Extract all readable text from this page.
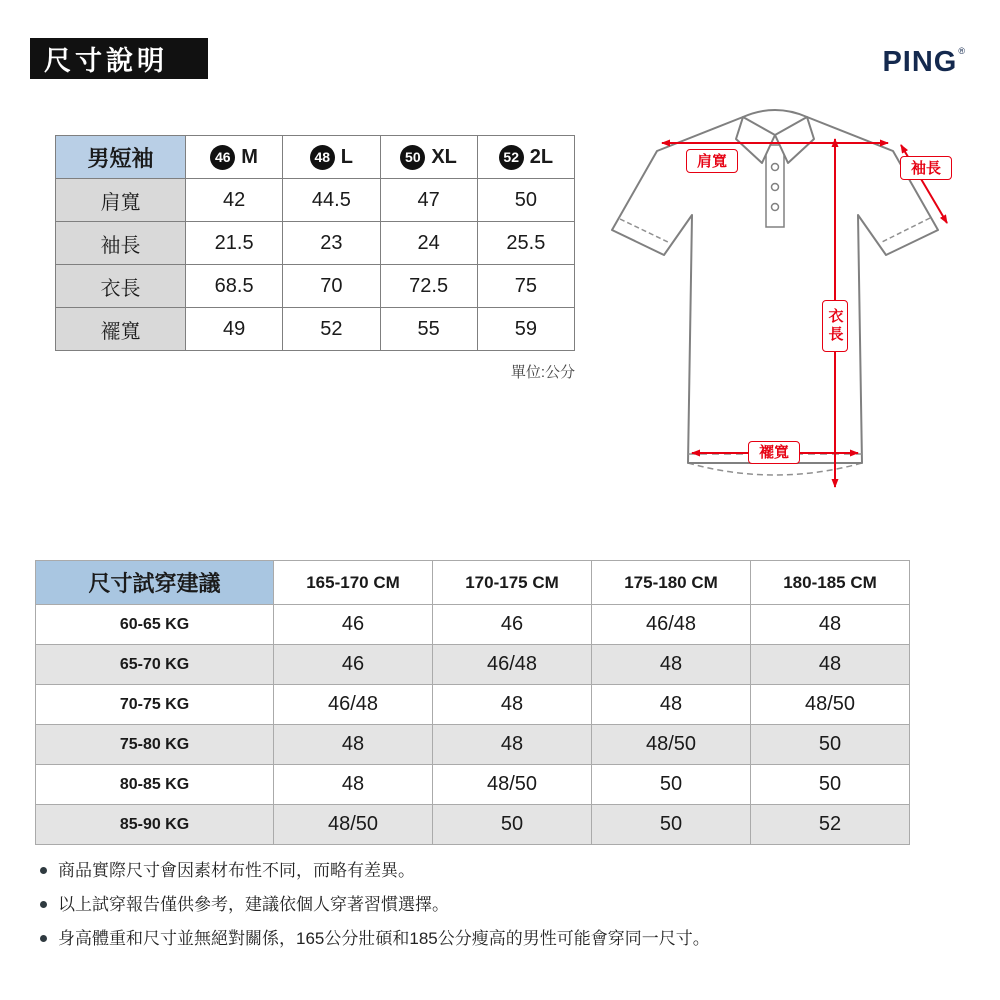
尺寸說明	PING®
男短袖	46 M	48 L	50 XL	52 2L
肩寬	42	44.5	47	50
袖長	21.5	23	24	25.5
衣長	68.5	70	72.5	75
襬寬	49	52	55	59
單位:公分
肩寬	袖長
衣長
襬寬
尺寸試穿建議	165-170 CM	170-175 CM	175-180 CM	180-185 CM
60-65 KG	46	46	46/48	48
65-70 KG	46	46/48	48	48
70-75 KG	46/48	48	48	48/50
75-80 KG	48	48	48/50	50
80-85 KG	48	48/50	50	50
85-90 KG	48/50	50	50	52
商品實際尺寸會因素材布性不同，而略有差異。
以上試穿報告僅供參考，建議依個人穿著習慣選擇。
身高體重和尺寸並無絕對關係，165公分壯碩和185公分瘦高的男性可能會穿同一尺寸。
